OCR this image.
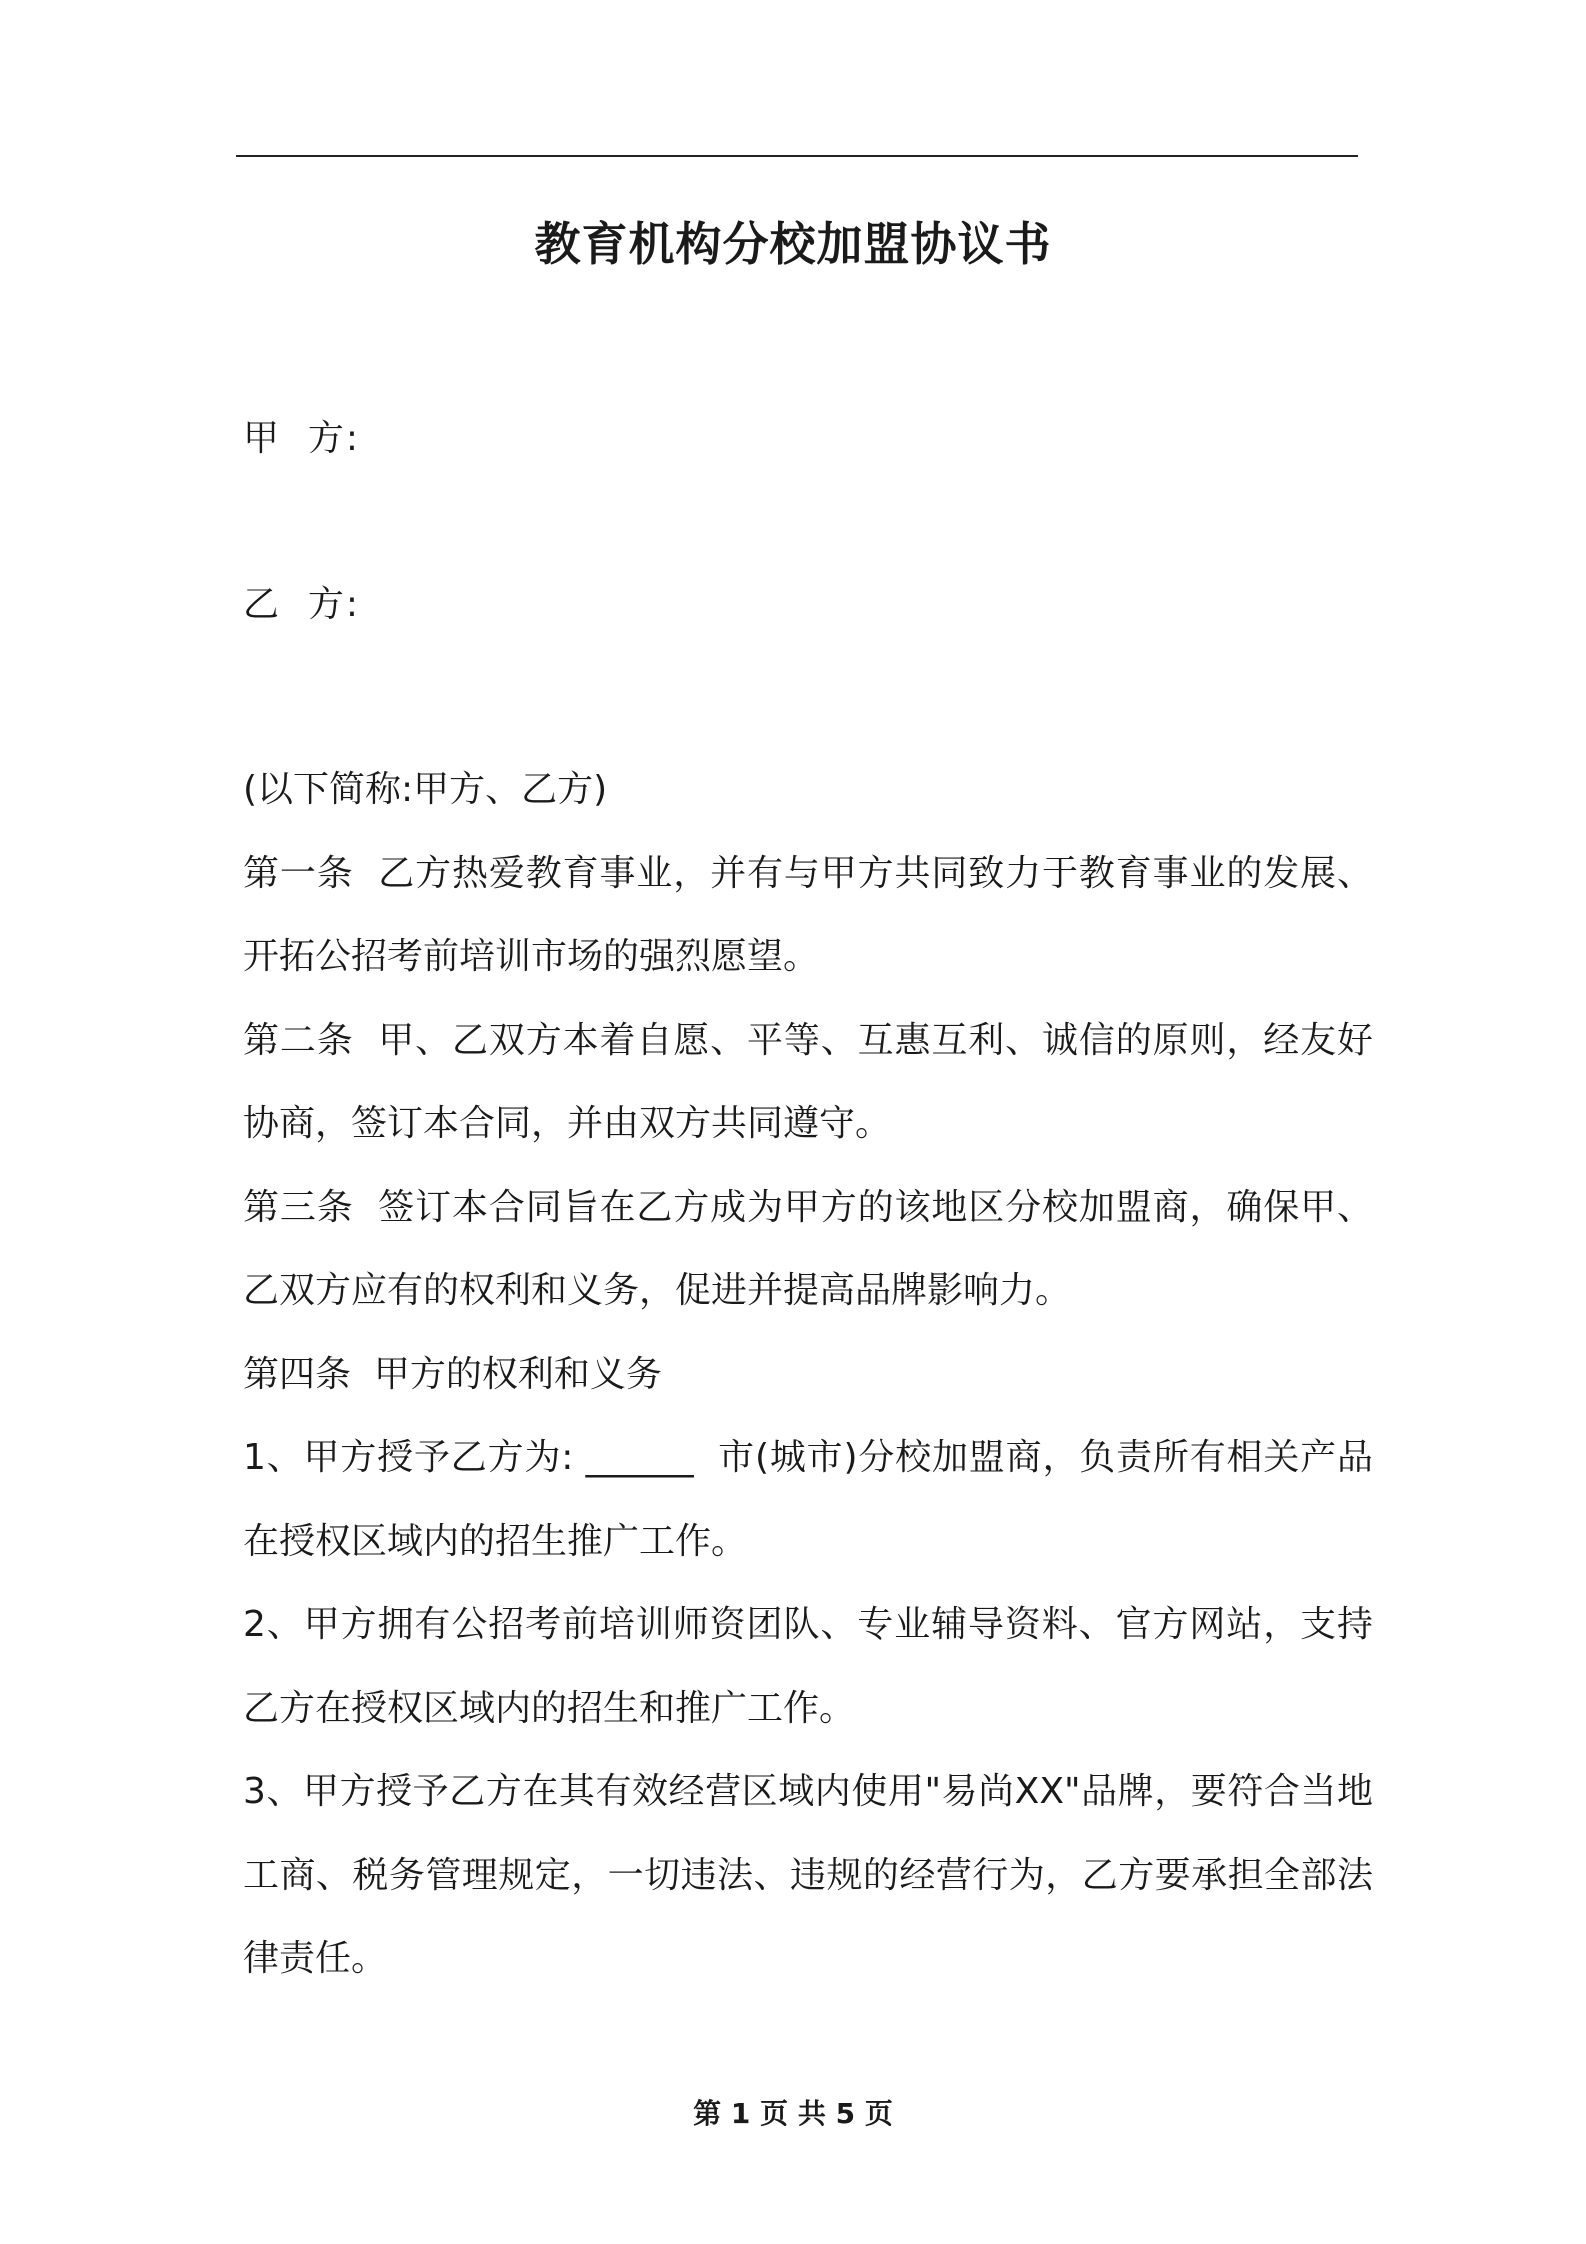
教育机构分校加盟协议书
甲  方:
乙  方:

(以下简称:甲方、乙方)

第一条  乙方热爱教育事业，并有与甲方共同致力于教育事业的发展、开拓公招考前培训市场的强烈愿望。

第二条  甲、乙双方本着自愿、平等、互惠互利、诚信的原则，经友好协商，签订本合同，并由双方共同遵守。

第三条  签订本合同旨在乙方成为甲方的该地区分校加盟商，确保甲、乙双方应有的权利和义务，促进并提高品牌影响力。

第四条  甲方的权利和义务

1、甲方授予乙方为: ______  市(城市)分校加盟商，负责所有相关产品在授权区域内的招生推广工作。

2、甲方拥有公招考前培训师资团队、专业辅导资料、官方网站，支持乙方在授权区域内的招生和推广工作。

3、甲方授予乙方在其有效经营区域内使用"易尚XX"品牌，要符合当地工商、税务管理规定，一切违法、违规的经营行为，乙方要承担全部法律责任。

第 1 页 共 5 页
